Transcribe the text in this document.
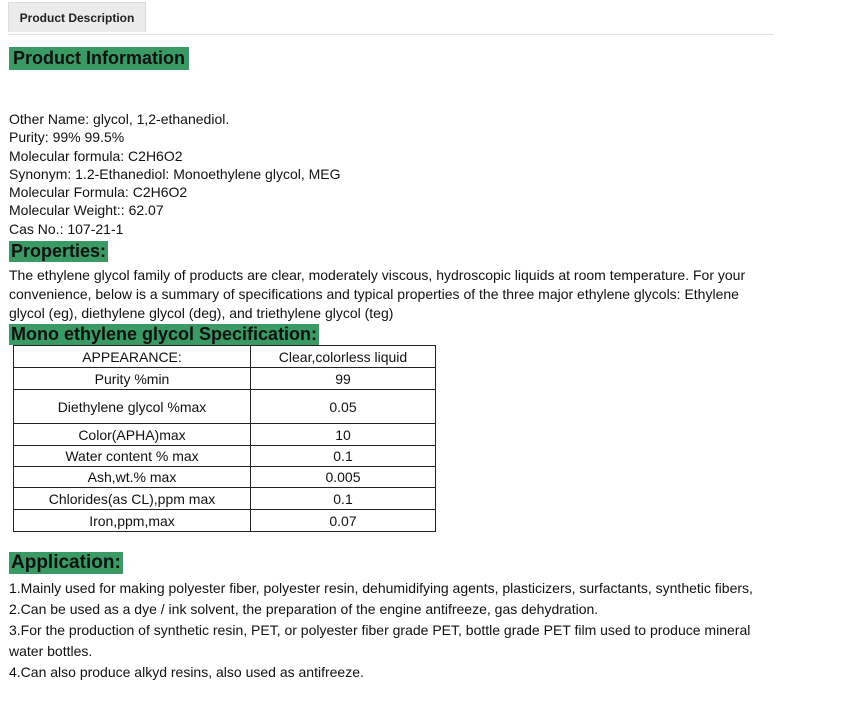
Product Description
Product Information
Other Name: glycol, 1,2-ethanediol.
Purity: 99% 99.5%
Molecular formula: C2H6O2
Synonym: 1.2-Ethanediol: Monoethylene glycol, MEG
Molecular Formula: C2H6O2
Molecular Weight:: 62.07
Cas No.: 107-21-1
Properties:
The ethylene glycol family of products are clear, moderately viscous, hydroscopic liquids at room temperature. For your convenience, below is a summary of specifications and typical properties of the three major ethylene glycols: Ethylene glycol (eg), diethylene glycol (deg), and triethylene glycol (teg)
Mono ethylene glycol Specification:
APPEARANCE:	Clear,colorless liquid
Purity %min	99
Diethylene glycol %max	0.05
Color(APHA)max	10
Water content % max	0.1
Ash,wt.% max	0.005
Chlorides(as CL),ppm max	0.1
Iron,ppm,max	0.07
Application:
1.Mainly used for making polyester fiber, polyester resin, dehumidifying agents, plasticizers, surfactants, synthetic fibers,
2.Can be used as a dye / ink solvent, the preparation of the engine antifreeze, gas dehydration.
3.For the production of synthetic resin, PET, or polyester fiber grade PET, bottle grade PET film used to produce mineral water bottles.
4.Can also produce alkyd resins, also used as antifreeze.
